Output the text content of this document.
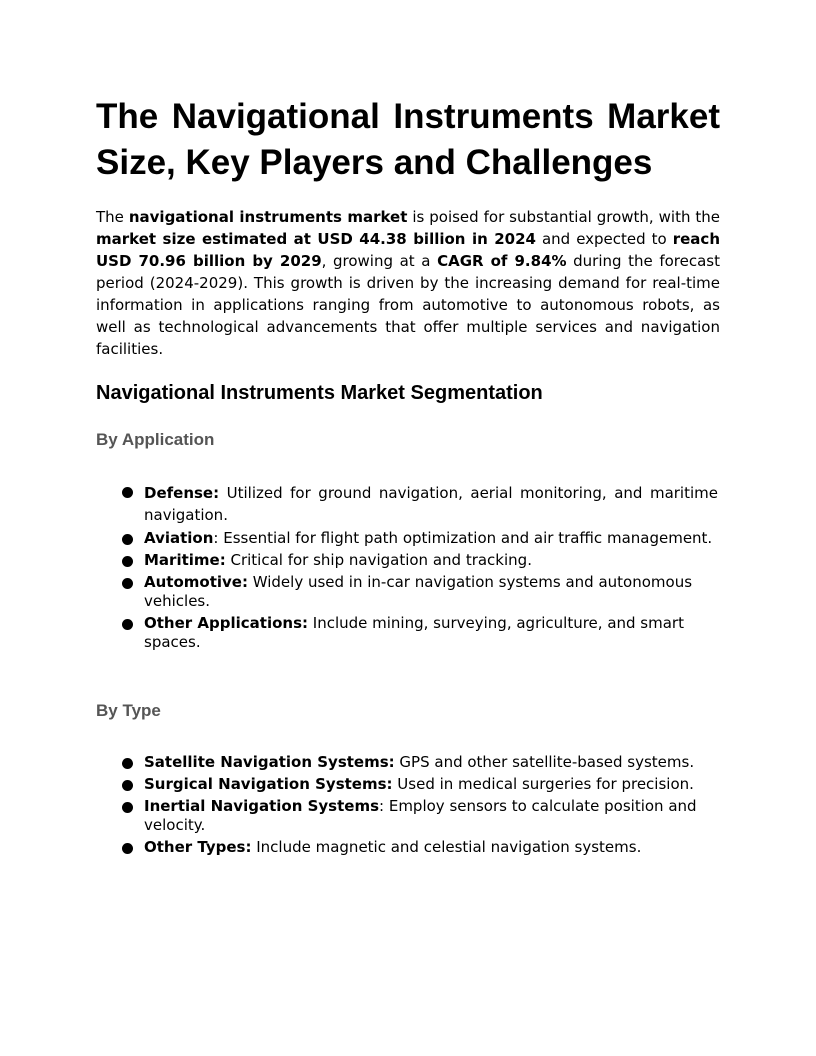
The Navigational Instruments Market Size, Key Players and Challenges

The navigational instruments market is poised for substantial growth, with the market size estimated at USD 44.38 billion in 2024 and expected to reach USD 70.96 billion by 2029, growing at a CAGR of 9.84% during the forecast period (2024-2029). This growth is driven by the increasing demand for real-time information in applications ranging from automotive to autonomous robots, as well as technological advancements that offer multiple services and navigation facilities.

Navigational Instruments Market Segmentation
By Application
Defense: Utilized for ground navigation, aerial monitoring, and maritime navigation.
Aviation: Essential for flight path optimization and air traffic management.
Maritime: Critical for ship navigation and tracking.
Automotive: Widely used in in-car navigation systems and autonomous vehicles.
Other Applications: Include mining, surveying, agriculture, and smart spaces.
By Type
Satellite Navigation Systems: GPS and other satellite-based systems.
Surgical Navigation Systems: Used in medical surgeries for precision.
Inertial Navigation Systems: Employ sensors to calculate position and velocity.
Other Types: Include magnetic and celestial navigation systems.
